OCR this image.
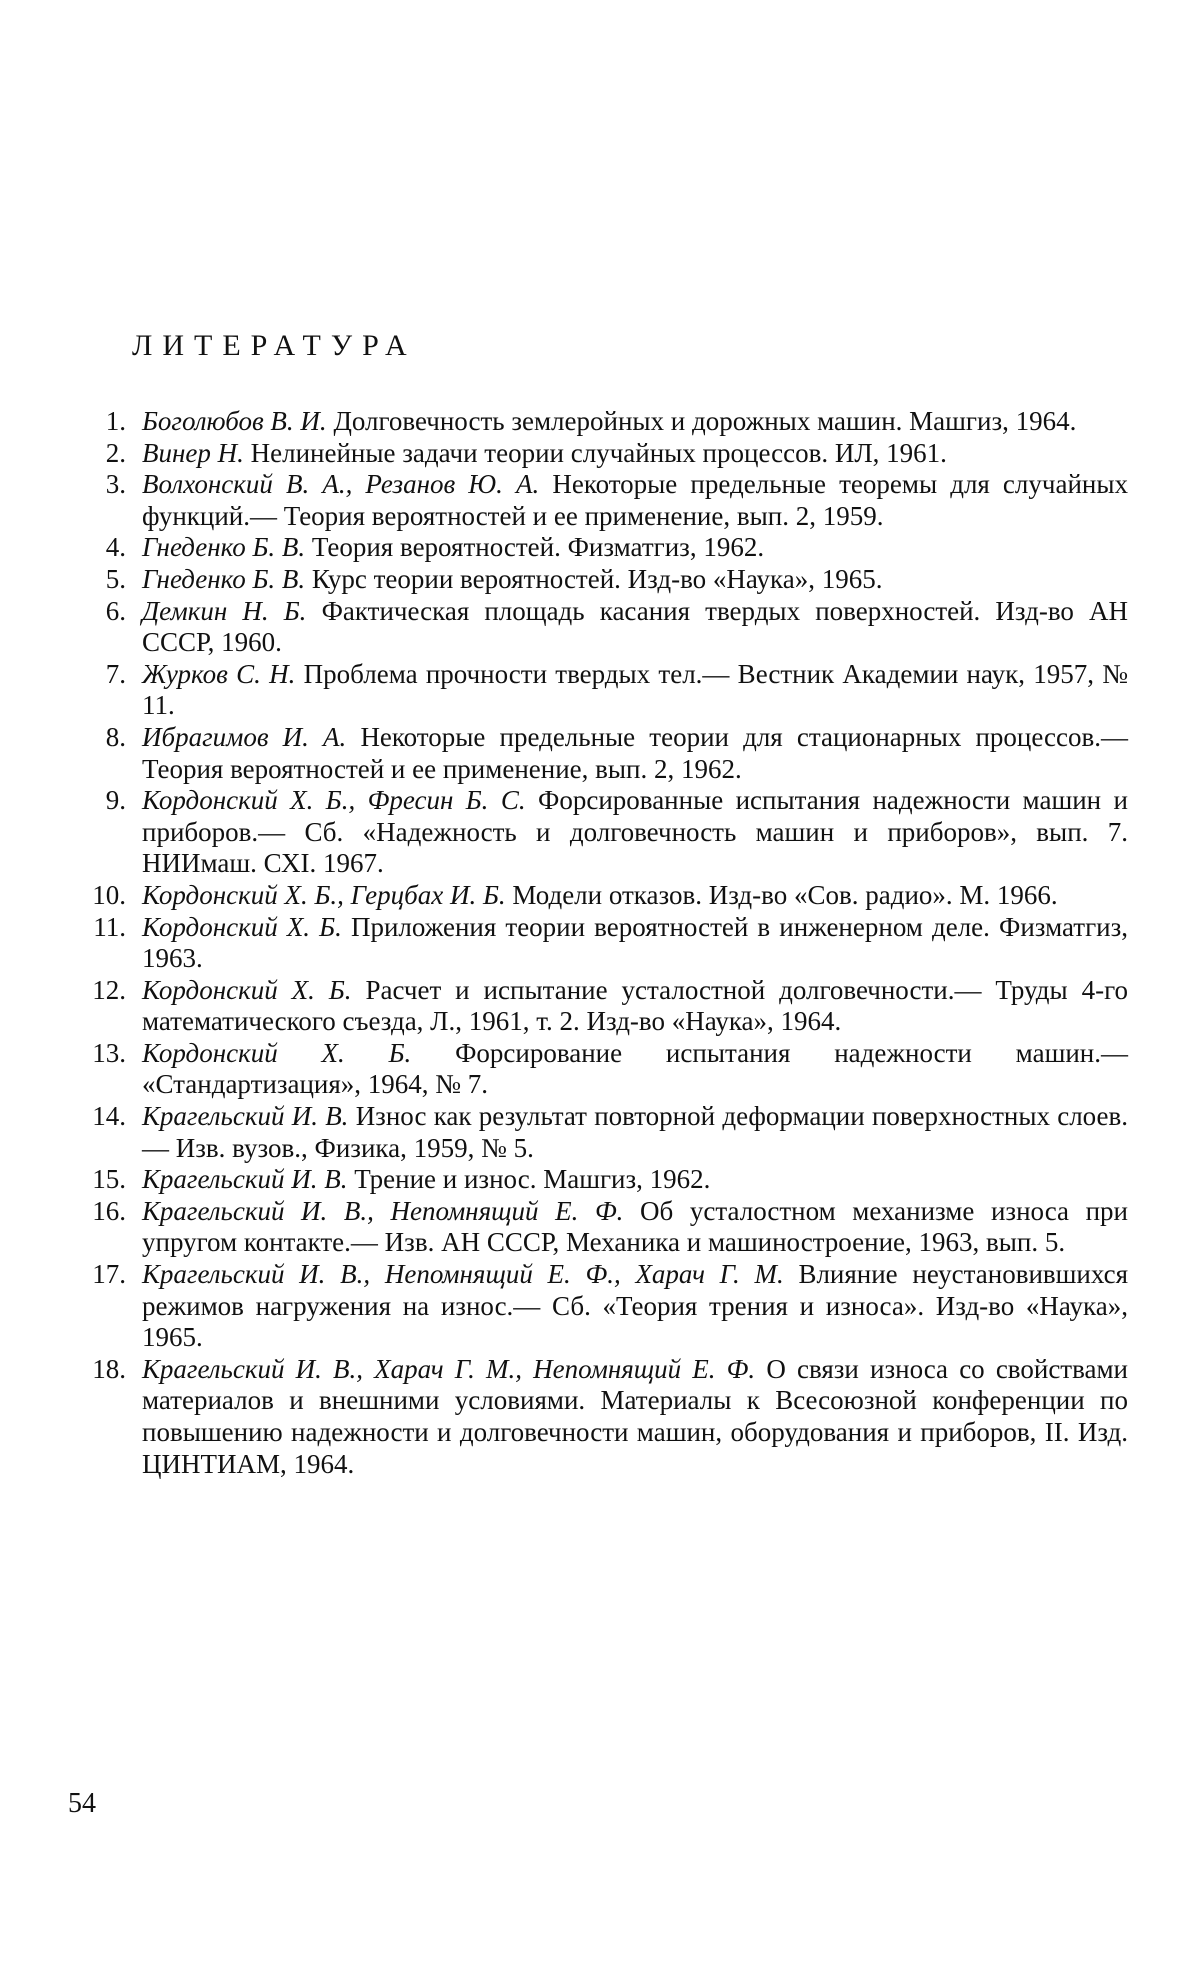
ЛИТЕРАТУРА
1. Боголюбов В. И. Долговечность землеройных и дорожных машин. Машгиз, 1964.
2. Винер Н. Нелинейные задачи теории случайных процессов. ИЛ, 1961.
3. Волхонский В. А., Резанов Ю. А. Некоторые предельные теоремы для случайных функций.— Теория вероятностей и ее применение, вып. 2, 1959.
4. Гнеденко Б. В. Теория вероятностей. Физматгиз, 1962.
5. Гнеденко Б. В. Курс теории вероятностей. Изд-во «Наука», 1965.
6. Демкин Н. Б. Фактическая площадь касания твердых поверхностей. Изд-во АН СССР, 1960.
7. Журков С. Н. Проблема прочности твердых тел.— Вестник Академии наук, 1957, № 11.
8. Ибрагимов И. А. Некоторые предельные теории для стационарных процессов.— Теория вероятностей и ее применение, вып. 2, 1962.
9. Кордонский Х. Б., Фресин Б. С. Форсированные испытания надежности машин и приборов.— Сб. «Надежность и долговечность машин и приборов», вып. 7. НИИмаш. СХІ. 1967.
10. Кордонский Х. Б., Герцбах И. Б. Модели отказов. Изд-во «Сов. радио». М. 1966.
11. Кордонский Х. Б. Приложения теории вероятностей в инженерном деле. Физматгиз, 1963.
12. Кордонский Х. Б. Расчет и испытание усталостной долговечности.— Труды 4-го математического съезда, Л., 1961, т. 2. Изд-во «Наука», 1964.
13. Кордонский Х. Б. Форсирование испытания надежности машин.— «Стандартизация», 1964, № 7.
14. Крагельский И. В. Износ как результат повторной деформации поверхностных слоев.— Изв. вузов., Физика, 1959, № 5.
15. Крагельский И. В. Трение и износ. Машгиз, 1962.
16. Крагельский И. В., Непомнящий Е. Ф. Об усталостном механизме износа при упругом контакте.— Изв. АН СССР, Механика и машиностроение, 1963, вып. 5.
17. Крагельский И. В., Непомнящий Е. Ф., Харач Г. М. Влияние неустановившихся режимов нагружения на износ.— Сб. «Теория трения и износа». Изд-во «Наука», 1965.
18. Крагельский И. В., Харач Г. М., Непомнящий Е. Ф. О связи износа со свойствами материалов и внешними условиями. Материалы к Всесоюзной конференции по повышению надежности и долговечности машин, оборудования и приборов, II. Изд. ЦИНТИАМ, 1964.
54
